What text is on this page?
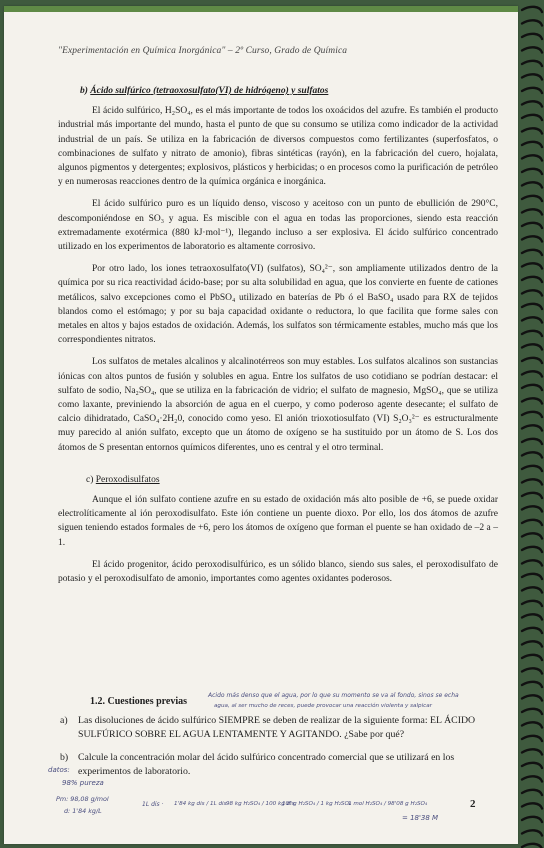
"Experimentación en Química Inorgánica" – 2º Curso, Grado de Química
b) Ácido sulfúrico (tetraoxosulfato(VI) de hidrógeno) y sulfatos

El ácido sulfúrico, H₂SO₄, es el más importante de todos los oxoácidos del azufre. Es también el producto industrial más importante del mundo, hasta el punto de que su consumo se utiliza como indicador de la actividad industrial de un país. Se utiliza en la fabricación de diversos compuestos como fertilizantes (superfosfatos, o combinaciones de sulfato y nitrato de amonio), fibras sintéticas (rayón), en la fabricación del cuero, hojalata, algunos pigmentos y detergentes; explosivos, plásticos y herbicidas; o en procesos como la purificación de petróleo y en numerosas reacciones dentro de la química orgánica e inorgánica.

El ácido sulfúrico puro es un líquido denso, viscoso y aceitoso con un punto de ebullición de 290°C, descomponiéndose en SO₃ y agua. Es miscible con el agua en todas las proporciones, siendo esta reacción extremadamente exotérmica (880 kJ·mol⁻¹), llegando incluso a ser explosiva. El ácido sulfúrico concentrado utilizado en los experimentos de laboratorio es altamente corrosivo.

Por otro lado, los iones tetraoxosulfato(VI) (sulfatos), SO₄²⁻, son ampliamente utilizados dentro de la química por su rica reactividad ácido-base; por su alta solubilidad en agua, que los convierte en fuente de cationes metálicos, salvo excepciones como el PbSO₄ utilizado en baterías de Pb ó el BaSO₄ usado para RX de tejidos blandos como el estómago; y por su baja capacidad oxidante o reductora, lo que facilita que forme sales con metales en altos y bajos estados de oxidación. Además, los sulfatos son térmicamente estables, mucho más que los correspondientes nitratos.

Los sulfatos de metales alcalinos y alcalinotérreos son muy estables. Los sulfatos alcalinos son sustancias iónicas con altos puntos de fusión y solubles en agua. Entre los sulfatos de uso cotidiano se podrían destacar: el sulfato de sodio, Na₂SO₄, que se utiliza en la fabricación de vidrio; el sulfato de magnesio, MgSO₄, que se utiliza como laxante, previniendo la absorción de agua en el cuerpo, y como poderoso agente desecante; el sulfato de calcio dihidratado, CaSO₄·2H₂0, conocido como yeso. El anión trioxotiosulfato (VI) S₂O₃²⁻ es estructuralmente muy parecido al anión sulfato, excepto que un átomo de oxígeno se ha sustituido por un átomo de S. Los dos átomos de S presentan entornos químicos diferentes, uno es central y el otro terminal.

c) Peroxodisulfatos

Aunque el ión sulfato contiene azufre en su estado de oxidación más alto posible de +6, se puede oxidar electrolíticamente al ión peroxodisulfato. Este ión contiene un puente dioxo. Por ello, los dos átomos de azufre siguen teniendo estados formales de +6, pero los átomos de oxígeno que forman el puente se han oxidado de –2 a –1.

El ácido progenitor, ácido peroxodisulfúrico, es un sólido blanco, siendo sus sales, el peroxodisulfato de potasio y el peroxodisulfato de amonio, importantes como agentes oxidantes poderosos.

1.2. Cuestiones previas
a) Las disoluciones de ácido sulfúrico SIEMPRE se deben de realizar de la siguiente forma: EL ÁCIDO SULFÚRICO SOBRE EL AGUA LENTAMENTE Y AGITANDO. ¿Sabe por qué?
b) Calcule la concentración molar del ácido sulfúrico concentrado comercial que se utilizará en los experimentos de laboratorio.
Ácido más denso que el agua, por lo que su momento se va al fondo, sinos se echa
agua, al ser mucho de reces, puede provocar una reacción violenta y salpicar
datos:
98% pureza
Pm: 98,08 g/mol
d: 1'84 kg/L
1L dis · 1'84 kg dis / 1L dis 98 kg H₂SO₄ / 100 kg dis
10³ g H₂SO₄ / 1 kg H₂SO₄
1 mol H₂SO₄ / 98'08 g H₂SO₄
= 18'38 M
2
